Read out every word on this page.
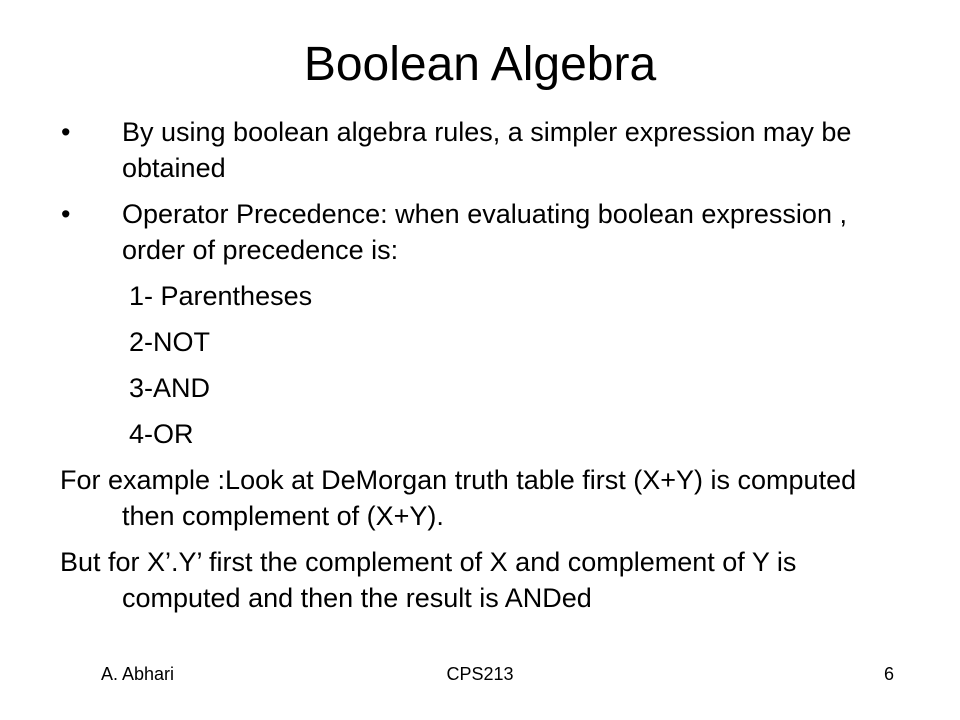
Boolean Algebra
• By using boolean algebra rules, a simpler expression may be obtained
• Operator Precedence: when evaluating boolean expression , order of precedence is:
1- Parentheses
2-NOT
3-AND
4-OR
For example :Look at DeMorgan truth table first (X+Y) is computed then complement of (X+Y).
But for X’.Y’ first the complement of X and complement of Y is computed and then the result is ANDed
A. Abhari	CPS213	6
